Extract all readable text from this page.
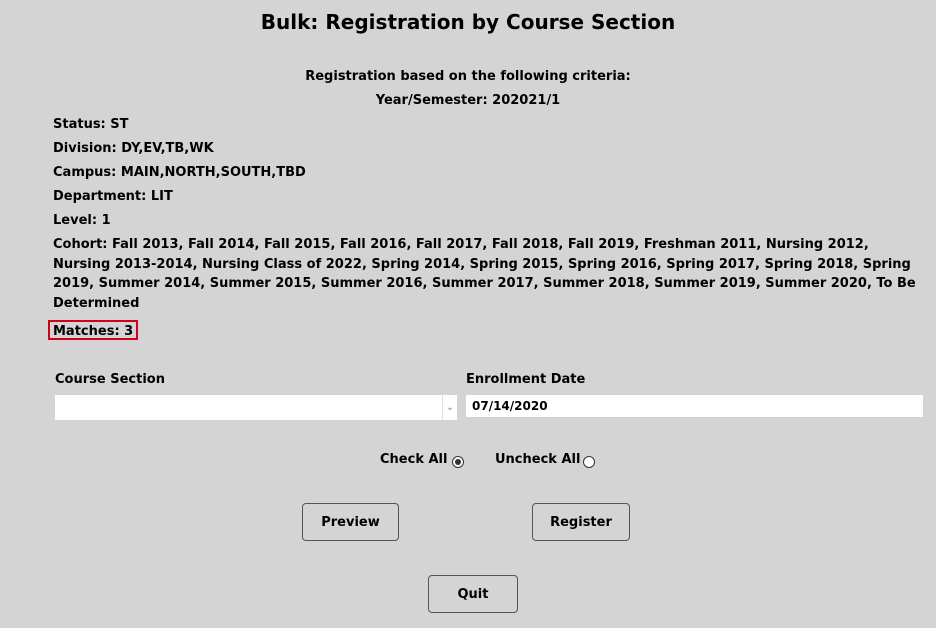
Bulk: Registration by Course Section
Registration based on the following criteria:
Year/Semester: 202021/1
Status: ST
Division: DY,EV,TB,WK
Campus: MAIN,NORTH,SOUTH,TBD
Department: LIT
Level: 1
Cohort: Fall 2013, Fall 2014, Fall 2015, Fall 2016, Fall 2017, Fall 2018, Fall 2019, Freshman 2011, Nursing 2012, Nursing 2013-2014, Nursing Class of 2022, Spring 2014, Spring 2015, Spring 2016, Spring 2017, Spring 2018, Spring 2019, Summer 2014, Summer 2015, Summer 2016, Summer 2017, Summer 2018, Summer 2019, Summer 2020, To Be Determined
Matches: 3
Course Section
⌄
Enrollment Date
07/14/2020
Check All	Uncheck All
Preview	Register
Quit
